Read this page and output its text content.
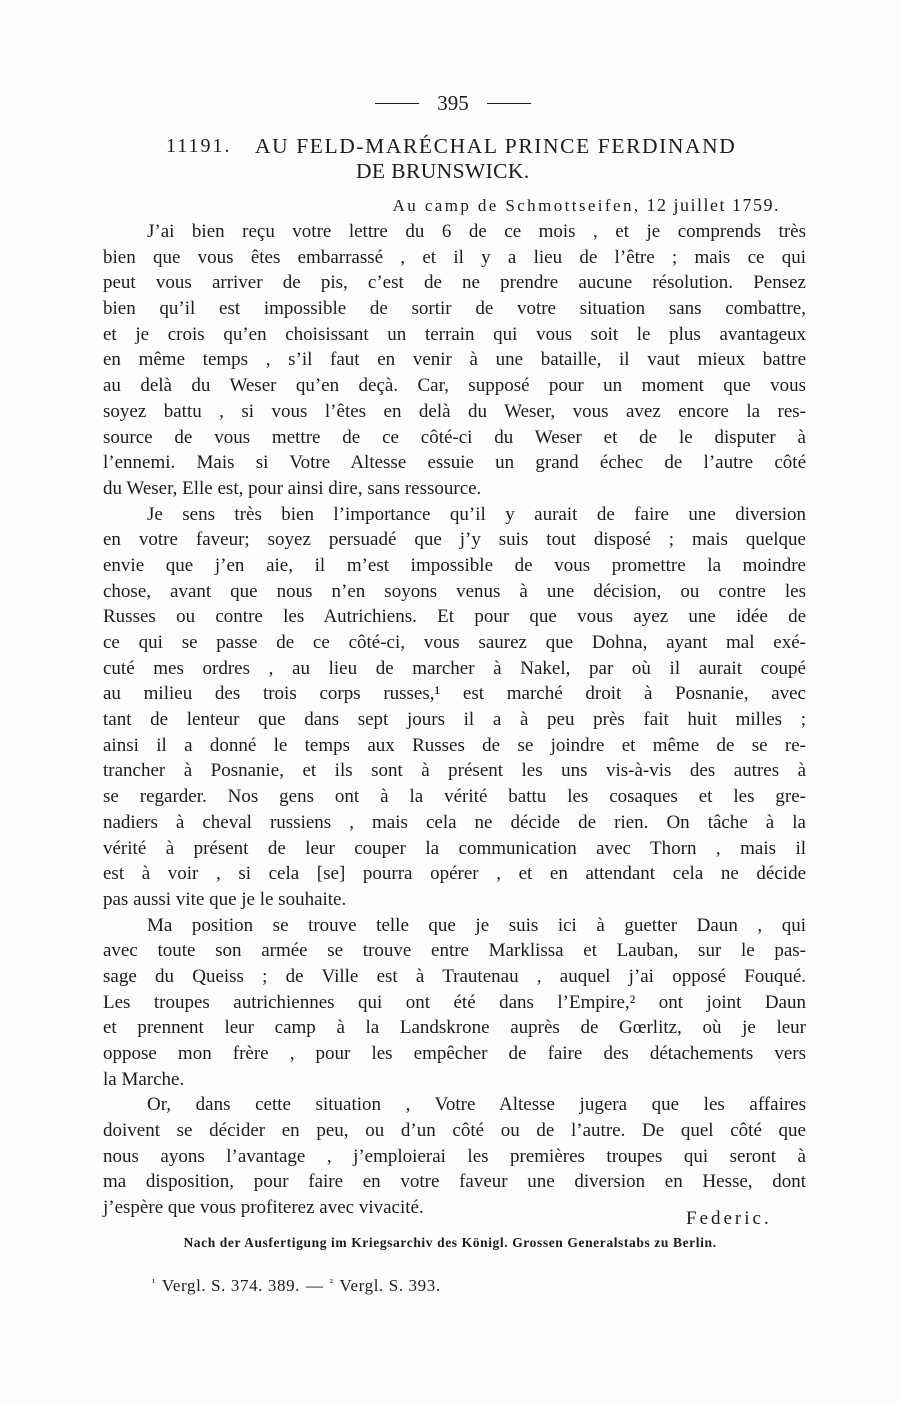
395
11191. AU FELD-MARÉCHAL PRINCE FERDINAND
DE BRUNSWICK.
Au camp de Schmottseifen, 12 juillet 1759.
J’ai bien reçu votre lettre du 6 de ce mois , et je comprends très
bien que vous êtes embarrassé , et il y a lieu de l’être ; mais ce qui
peut vous arriver de pis, c’est de ne prendre aucune résolution. Pensez
bien qu’il est impossible de sortir de votre situation sans combattre,
et je crois qu’en choisissant un terrain qui vous soit le plus avantageux
en même temps , s’il faut en venir à une bataille, il vaut mieux battre
au delà du Weser qu’en deçà. Car, supposé pour un moment que vous
soyez battu , si vous l’êtes en delà du Weser, vous avez encore la res-
source de vous mettre de ce côté-ci du Weser et de le disputer à
l’ennemi. Mais si Votre Altesse essuie un grand échec de l’autre côté
du Weser, Elle est, pour ainsi dire, sans ressource.
Je sens très bien l’importance qu’il y aurait de faire une diversion
en votre faveur; soyez persuadé que j’y suis tout disposé ; mais quelque
envie que j’en aie, il m’est impossible de vous promettre la moindre
chose, avant que nous n’en soyons venus à une décision, ou contre les
Russes ou contre les Autrichiens. Et pour que vous ayez une idée de
ce qui se passe de ce côté-ci, vous saurez que Dohna, ayant mal exé-
cuté mes ordres , au lieu de marcher à Nakel, par où il aurait coupé
au milieu des trois corps russes,¹ est marché droit à Posnanie, avec
tant de lenteur que dans sept jours il a à peu près fait huit milles ;
ainsi il a donné le temps aux Russes de se joindre et même de se re-
trancher à Posnanie, et ils sont à présent les uns vis-à-vis des autres à
se regarder. Nos gens ont à la vérité battu les cosaques et les gre-
nadiers à cheval russiens , mais cela ne décide de rien. On tâche à la
vérité à présent de leur couper la communication avec Thorn , mais il
est à voir , si cela [se] pourra opérer , et en attendant cela ne décide
pas aussi vite que je le souhaite.
Ma position se trouve telle que je suis ici à guetter Daun , qui
avec toute son armée se trouve entre Marklissa et Lauban, sur le pas-
sage du Queiss ; de Ville est à Trautenau , auquel j’ai opposé Fouqué.
Les troupes autrichiennes qui ont été dans l’Empire,² ont joint Daun
et prennent leur camp à la Landskrone auprès de Gœrlitz, où je leur
oppose mon frère , pour les empêcher de faire des détachements vers
la Marche.
Or, dans cette situation , Votre Altesse jugera que les affaires
doivent se décider en peu, ou d’un côté ou de l’autre. De quel côté que
nous ayons l’avantage , j’emploierai les premières troupes qui seront à
ma disposition, pour faire en votre faveur une diversion en Hesse, dont
j’espère que vous profiterez avec vivacité.
Federic.
Nach der Ausfertigung im Kriegsarchiv des Königl. Grossen Generalstabs zu Berlin.
$^{^1}$ Vergl. S. 374. 389. — $^{^2}$ Vergl. S. 393.
